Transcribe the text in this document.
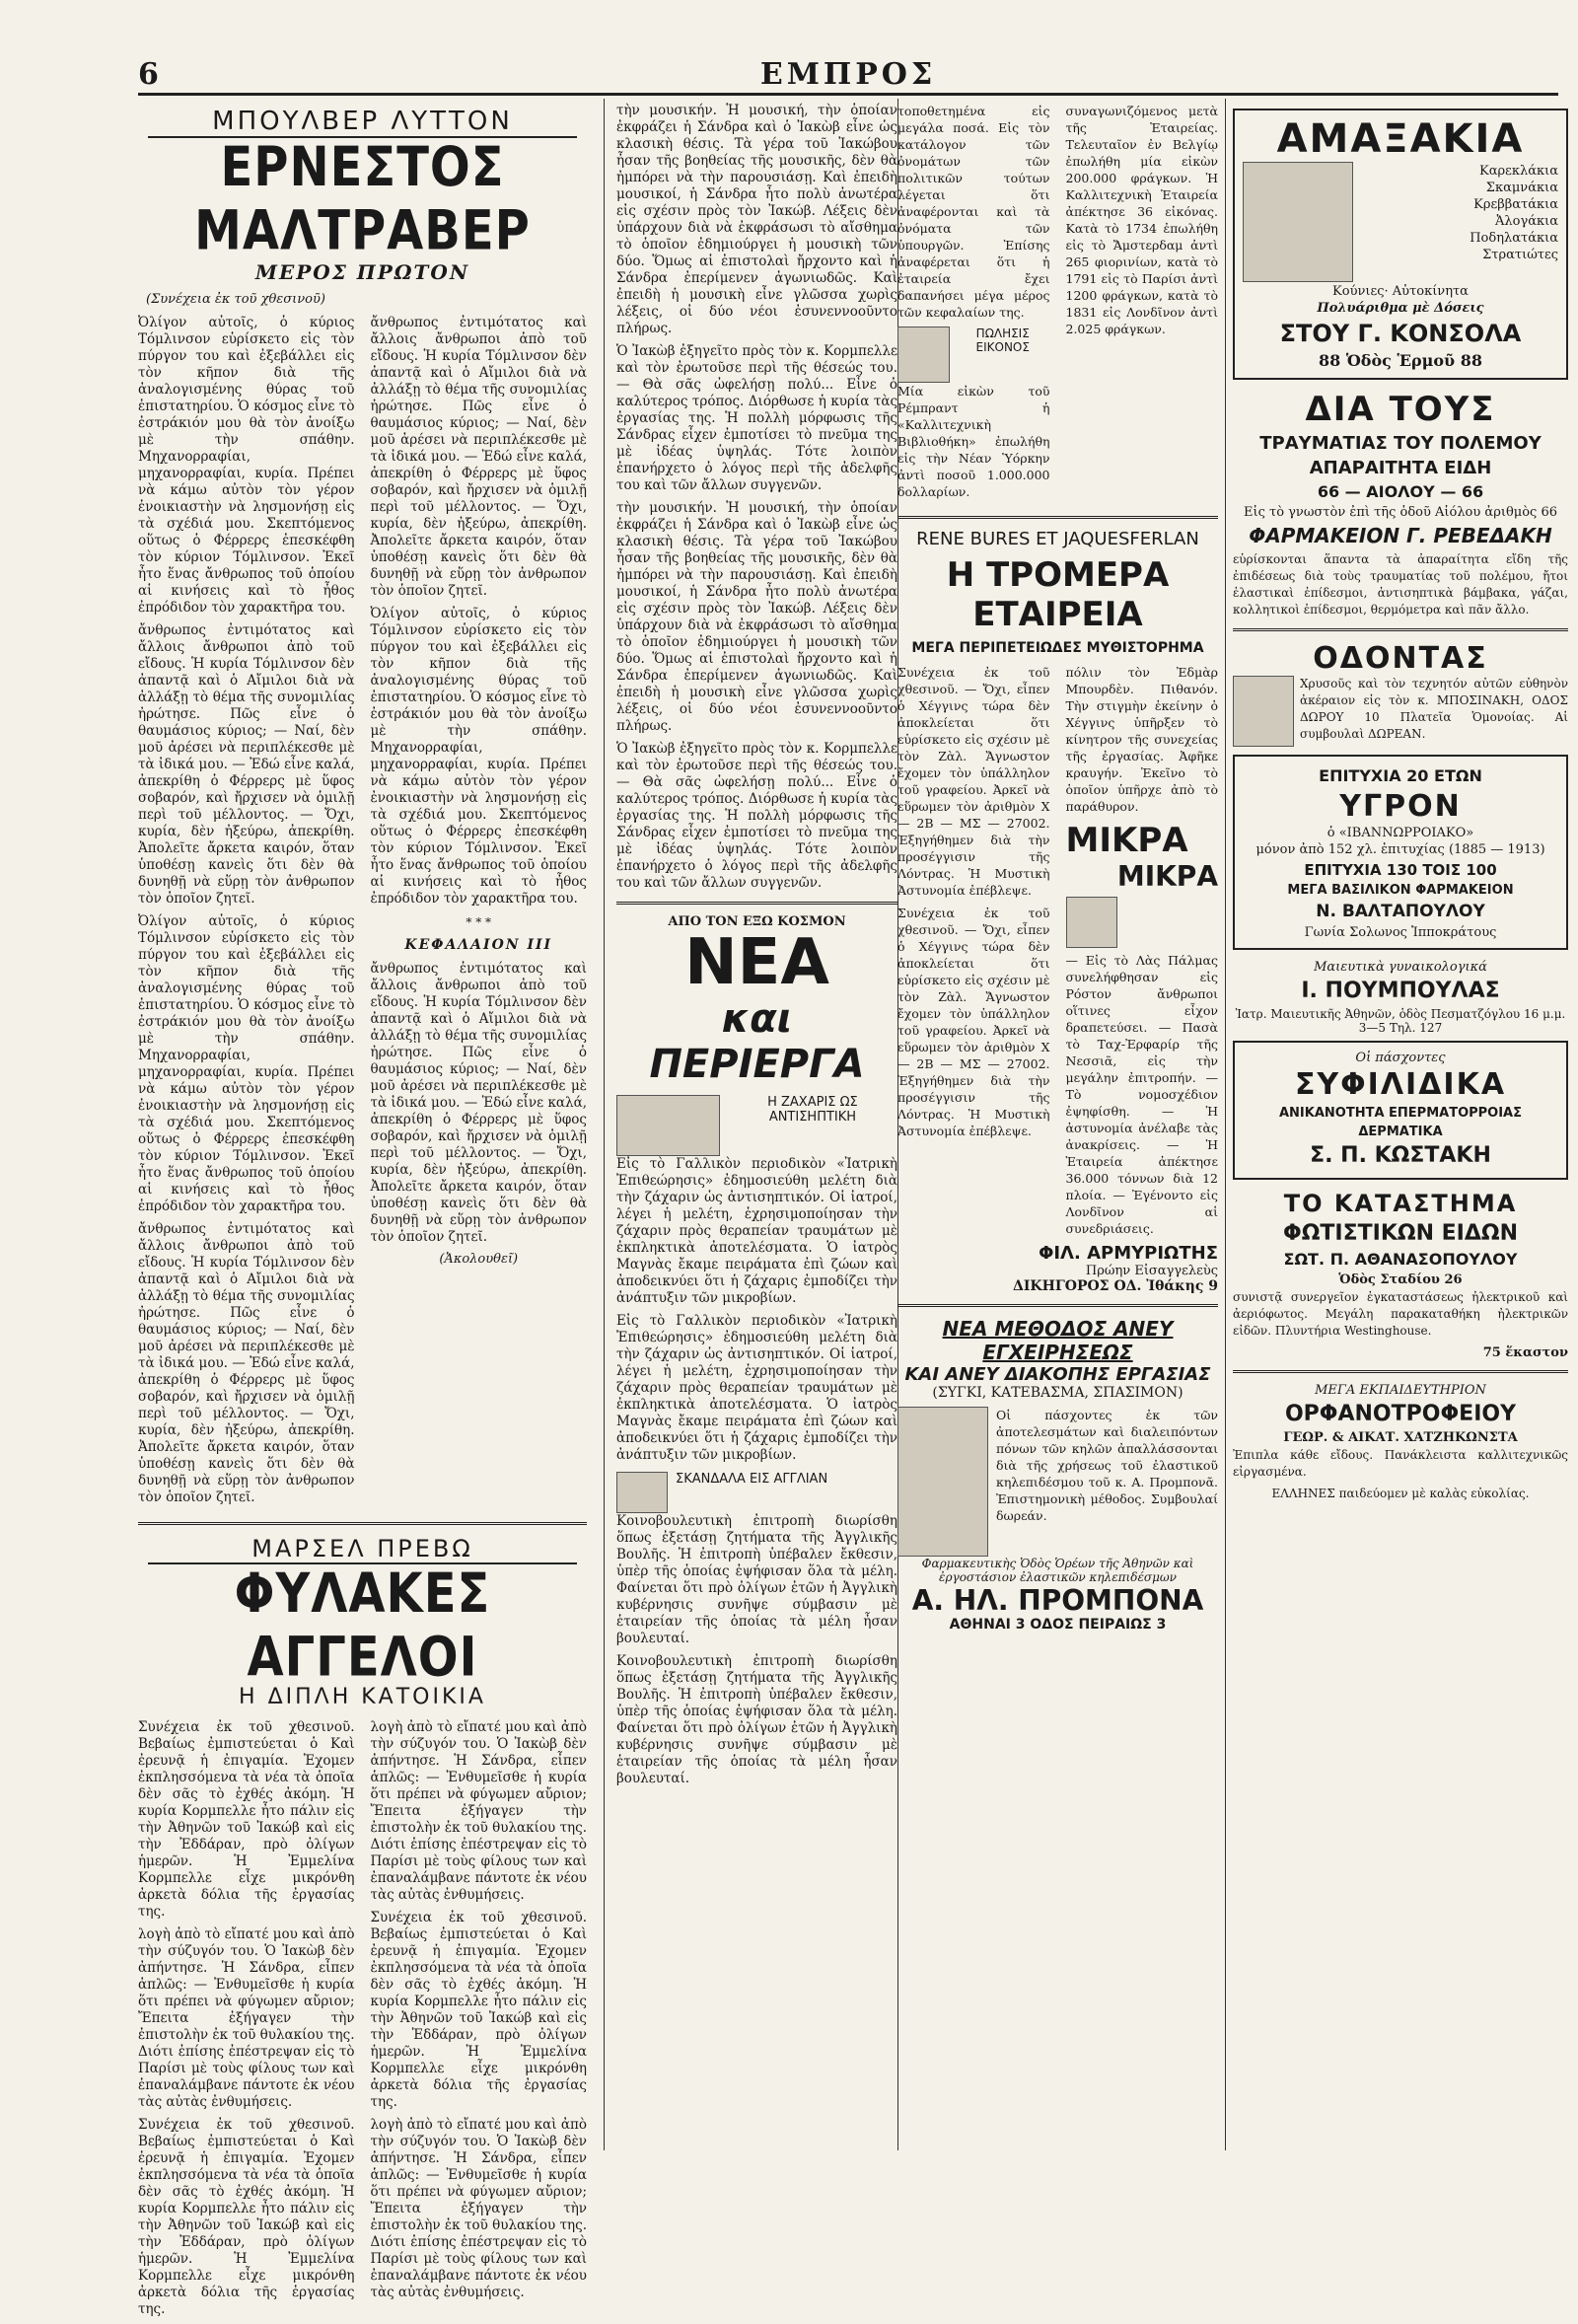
6	ΕΜΠΡΟΣ
ΜΠΟΥΛΒΕΡ ΛΥΤΤΟΝ
ΕΡΝΕΣΤΟΣ ΜΑΛΤΡΑΒΕΡ
ΜΕΡΟΣ ΠΡΩΤΟΝ
(Συνέχεια ἐκ τοῦ χθεσινοῦ)

Ὀλίγον αὐτοῖς, ὁ κύριος Τόμλινσον εὑρίσκετο εἰς τὸν πύργον του καὶ ἐξεβάλλει εἰς τὸν κῆπον διὰ τῆς ἀναλογισμένης θύρας τοῦ ἐπιστατηρίου. Ὁ κόσμος εἶνε τὸ ἐστράκιόν μου θὰ τὸν ἀνοίξω μὲ τὴν σπάθην. Μηχανορραφίαι, μηχανορραφίαι, κυρία. Πρέπει νὰ κάμω αὐτὸν τὸν γέρον ἐνοικιαστὴν νὰ λησμονήσῃ εἰς τὰ σχέδιά μου. Σκεπτόμενος οὕτως ὁ Φέρρερς ἐπεσκέφθη τὸν κύριον Τόμλινσον. Ἐκεῖ ἦτο ἕνας ἄνθρωπος τοῦ ὁποίου αἱ κινήσεις καὶ τὸ ἦθος ἐπρόδιδον τὸν χαρακτῆρα του.

ἄνθρωπος ἐντιμότατος καὶ ἄλλοις ἄνθρωποι ἀπὸ τοῦ εἴδους. Ἡ κυρία Τόμλινσον δὲν ἀπαντᾷ καὶ ὁ Αἴμιλοι διὰ νὰ ἀλλάξῃ τὸ θέμα τῆς συνομιλίας ἠρώτησε. Πῶς εἶνε ὁ θαυμάσιος κύριος; — Ναί, δὲν μοῦ ἀρέσει νὰ περιπλέκεσθε μὲ τὰ ἰδικά μου. — Ἐδώ εἶνε καλά, ἀπεκρίθη ὁ Φέρρερς μὲ ὕφος σοβαρόν, καὶ ἤρχισεν νὰ ὁμιλῇ περὶ τοῦ μέλλοντος. — Ὄχι, κυρία, δὲν ἠξεύρω, ἀπεκρίθη. Ἀπολεῖτε ἄρκετα καιρόν, ὅταν ὑποθέσῃ κανεὶς ὅτι δὲν θὰ δυνηθῇ νὰ εὕρῃ τὸν ἀνθρωπον τὸν ὁποῖον ζητεῖ.

Ὀλίγον αὐτοῖς, ὁ κύριος Τόμλινσον εὑρίσκετο εἰς τὸν πύργον του καὶ ἐξεβάλλει εἰς τὸν κῆπον διὰ τῆς ἀναλογισμένης θύρας τοῦ ἐπιστατηρίου. Ὁ κόσμος εἶνε τὸ ἐστράκιόν μου θὰ τὸν ἀνοίξω μὲ τὴν σπάθην. Μηχανορραφίαι, μηχανορραφίαι, κυρία. Πρέπει νὰ κάμω αὐτὸν τὸν γέρον ἐνοικιαστὴν νὰ λησμονήσῃ εἰς τὰ σχέδιά μου. Σκεπτόμενος οὕτως ὁ Φέρρερς ἐπεσκέφθη τὸν κύριον Τόμλινσον. Ἐκεῖ ἦτο ἕνας ἄνθρωπος τοῦ ὁποίου αἱ κινήσεις καὶ τὸ ἦθος ἐπρόδιδον τὸν χαρακτῆρα του.

ἄνθρωπος ἐντιμότατος καὶ ἄλλοις ἄνθρωποι ἀπὸ τοῦ εἴδους. Ἡ κυρία Τόμλινσον δὲν ἀπαντᾷ καὶ ὁ Αἴμιλοι διὰ νὰ ἀλλάξῃ τὸ θέμα τῆς συνομιλίας ἠρώτησε. Πῶς εἶνε ὁ θαυμάσιος κύριος; — Ναί, δὲν μοῦ ἀρέσει νὰ περιπλέκεσθε μὲ τὰ ἰδικά μου. — Ἐδώ εἶνε καλά, ἀπεκρίθη ὁ Φέρρερς μὲ ὕφος σοβαρόν, καὶ ἤρχισεν νὰ ὁμιλῇ περὶ τοῦ μέλλοντος. — Ὄχι, κυρία, δὲν ἠξεύρω, ἀπεκρίθη. Ἀπολεῖτε ἄρκετα καιρόν, ὅταν ὑποθέσῃ κανεὶς ὅτι δὲν θὰ δυνηθῇ νὰ εὕρῃ τὸν ἀνθρωπον τὸν ὁποῖον ζητεῖ.

ἄνθρωπος ἐντιμότατος καὶ ἄλλοις ἄνθρωποι ἀπὸ τοῦ εἴδους. Ἡ κυρία Τόμλινσον δὲν ἀπαντᾷ καὶ ὁ Αἴμιλοι διὰ νὰ ἀλλάξῃ τὸ θέμα τῆς συνομιλίας ἠρώτησε. Πῶς εἶνε ὁ θαυμάσιος κύριος; — Ναί, δὲν μοῦ ἀρέσει νὰ περιπλέκεσθε μὲ τὰ ἰδικά μου. — Ἐδώ εἶνε καλά, ἀπεκρίθη ὁ Φέρρερς μὲ ὕφος σοβαρόν, καὶ ἤρχισεν νὰ ὁμιλῇ περὶ τοῦ μέλλοντος. — Ὄχι, κυρία, δὲν ἠξεύρω, ἀπεκρίθη. Ἀπολεῖτε ἄρκετα καιρόν, ὅταν ὑποθέσῃ κανεὶς ὅτι δὲν θὰ δυνηθῇ νὰ εὕρῃ τὸν ἀνθρωπον τὸν ὁποῖον ζητεῖ.

Ὀλίγον αὐτοῖς, ὁ κύριος Τόμλινσον εὑρίσκετο εἰς τὸν πύργον του καὶ ἐξεβάλλει εἰς τὸν κῆπον διὰ τῆς ἀναλογισμένης θύρας τοῦ ἐπιστατηρίου. Ὁ κόσμος εἶνε τὸ ἐστράκιόν μου θὰ τὸν ἀνοίξω μὲ τὴν σπάθην. Μηχανορραφίαι, μηχανορραφίαι, κυρία. Πρέπει νὰ κάμω αὐτὸν τὸν γέρον ἐνοικιαστὴν νὰ λησμονήσῃ εἰς τὰ σχέδιά μου. Σκεπτόμενος οὕτως ὁ Φέρρερς ἐπεσκέφθη τὸν κύριον Τόμλινσον. Ἐκεῖ ἦτο ἕνας ἄνθρωπος τοῦ ὁποίου αἱ κινήσεις καὶ τὸ ἦθος ἐπρόδιδον τὸν χαρακτῆρα του.

* * *
ΚΕΦΑΛΑΙΟΝ ΙΙΙ

ἄνθρωπος ἐντιμότατος καὶ ἄλλοις ἄνθρωποι ἀπὸ τοῦ εἴδους. Ἡ κυρία Τόμλινσον δὲν ἀπαντᾷ καὶ ὁ Αἴμιλοι διὰ νὰ ἀλλάξῃ τὸ θέμα τῆς συνομιλίας ἠρώτησε. Πῶς εἶνε ὁ θαυμάσιος κύριος; — Ναί, δὲν μοῦ ἀρέσει νὰ περιπλέκεσθε μὲ τὰ ἰδικά μου. — Ἐδώ εἶνε καλά, ἀπεκρίθη ὁ Φέρρερς μὲ ὕφος σοβαρόν, καὶ ἤρχισεν νὰ ὁμιλῇ περὶ τοῦ μέλλοντος. — Ὄχι, κυρία, δὲν ἠξεύρω, ἀπεκρίθη. Ἀπολεῖτε ἄρκετα καιρόν, ὅταν ὑποθέσῃ κανεὶς ὅτι δὲν θὰ δυνηθῇ νὰ εὕρῃ τὸν ἀνθρωπον τὸν ὁποῖον ζητεῖ.

(Ἀκολουθεῖ)
ΜΑΡΣΕΛ ΠΡΕΒΩ
ΦΥΛΑΚΕΣ ΑΓΓΕΛΟΙ
Η ΔΙΠΛΗ ΚΑΤΟΙΚΙΑ

Συνέχεια ἐκ τοῦ χθεσινοῦ. Βεβαίως ἐμπιστεύεται ὁ Καὶ ἐρευνᾷ ἡ ἐπιγαμία. Ἐχομεν ἐκπλησσόμενα τὰ νέα τὰ ὁποῖα δὲν σᾶς τὸ ἐχθές ἀκόμη. Ἡ κυρία Κορμπελλε ἦτο πάλιν εἰς τὴν Ἀθηνῶν τοῦ Ἰακώβ καὶ εἰς τὴν Ἐδδάραν, πρὸ ὀλίγων ἡμερῶν. Ἡ Ἐμμελίνα Κορμπελλε εἶχε μικρόνθη ἀρκετὰ δόλια τῆς ἐργασίας της.

λογὴ ἀπὸ τὸ εἴπατέ μου καὶ ἀπὸ τὴν σύζυγόν του. Ὁ Ἰακὼβ δὲν ἀπήντησε. Ἡ Σάνδρα, εἶπεν ἁπλῶς: — Ἐνθυμεῖσθε ἡ κυρία ὅτι πρέπει νὰ φύγωμεν αὔριον; Ἔπειτα ἐξήγαγεν τὴν ἐπιστολὴν ἐκ τοῦ θυλακίου της. Διότι ἐπίσης ἐπέστρεψαν εἰς τὸ Παρίσι μὲ τοὺς φίλους των καὶ ἐπαναλάμβανε πάντοτε ἐκ νέου τὰς αὐτὰς ἐνθυμήσεις.

Συνέχεια ἐκ τοῦ χθεσινοῦ. Βεβαίως ἐμπιστεύεται ὁ Καὶ ἐρευνᾷ ἡ ἐπιγαμία. Ἐχομεν ἐκπλησσόμενα τὰ νέα τὰ ὁποῖα δὲν σᾶς τὸ ἐχθές ἀκόμη. Ἡ κυρία Κορμπελλε ἦτο πάλιν εἰς τὴν Ἀθηνῶν τοῦ Ἰακώβ καὶ εἰς τὴν Ἐδδάραν, πρὸ ὀλίγων ἡμερῶν. Ἡ Ἐμμελίνα Κορμπελλε εἶχε μικρόνθη ἀρκετὰ δόλια τῆς ἐργασίας της.

λογὴ ἀπὸ τὸ εἴπατέ μου καὶ ἀπὸ τὴν σύζυγόν του. Ὁ Ἰακὼβ δὲν ἀπήντησε. Ἡ Σάνδρα, εἶπεν ἁπλῶς: — Ἐνθυμεῖσθε ἡ κυρία ὅτι πρέπει νὰ φύγωμεν αὔριον; Ἔπειτα ἐξήγαγεν τὴν ἐπιστολὴν ἐκ τοῦ θυλακίου της. Διότι ἐπίσης ἐπέστρεψαν εἰς τὸ Παρίσι μὲ τοὺς φίλους των καὶ ἐπαναλάμβανε πάντοτε ἐκ νέου τὰς αὐτὰς ἐνθυμήσεις.

Συνέχεια ἐκ τοῦ χθεσινοῦ. Βεβαίως ἐμπιστεύεται ὁ Καὶ ἐρευνᾷ ἡ ἐπιγαμία. Ἐχομεν ἐκπλησσόμενα τὰ νέα τὰ ὁποῖα δὲν σᾶς τὸ ἐχθές ἀκόμη. Ἡ κυρία Κορμπελλε ἦτο πάλιν εἰς τὴν Ἀθηνῶν τοῦ Ἰακώβ καὶ εἰς τὴν Ἐδδάραν, πρὸ ὀλίγων ἡμερῶν. Ἡ Ἐμμελίνα Κορμπελλε εἶχε μικρόνθη ἀρκετὰ δόλια τῆς ἐργασίας της.

λογὴ ἀπὸ τὸ εἴπατέ μου καὶ ἀπὸ τὴν σύζυγόν του. Ὁ Ἰακὼβ δὲν ἀπήντησε. Ἡ Σάνδρα, εἶπεν ἁπλῶς: — Ἐνθυμεῖσθε ἡ κυρία ὅτι πρέπει νὰ φύγωμεν αὔριον; Ἔπειτα ἐξήγαγεν τὴν ἐπιστολὴν ἐκ τοῦ θυλακίου της. Διότι ἐπίσης ἐπέστρεψαν εἰς τὸ Παρίσι μὲ τοὺς φίλους των καὶ ἐπαναλάμβανε πάντοτε ἐκ νέου τὰς αὐτὰς ἐνθυμήσεις.

τὴν μουσικήν. Ἡ μουσική, τὴν ὁποίαν ἐκφράζει ἡ Σάνδρα καὶ ὁ Ἰακὼβ εἶνε ὡς κλασικὴ θέσις. Τὰ γέρα τοῦ Ἰακώβου ἦσαν τῆς βοηθείας τῆς μουσικῆς, δὲν θὰ ἠμπόρει νὰ τὴν παρουσιάσῃ. Καὶ ἐπειδὴ μουσικοί, ἡ Σάνδρα ἦτο πολὺ ἀνωτέρα εἰς σχέσιν πρὸς τὸν Ἰακώβ. Λέξεις δὲν ὑπάρχουν διὰ νὰ ἐκφράσωσι τὸ αἴσθημα τὸ ὁποῖον ἐδημιούργει ἡ μουσικὴ τῶν δύο. Ὅμως αἱ ἐπιστολαὶ ἤρχοντο καὶ ἡ Σάνδρα ἐπερίμενεν ἀγωνιωδῶς. Καὶ ἐπειδὴ ἡ μουσικὴ εἶνε γλῶσσα χωρὶς λέξεις, οἱ δύο νέοι ἐσυνεννοοῦντο πλήρως.

Ὁ Ἰακὼβ ἐξηγεῖτο πρὸς τὸν κ. Κορμπελλε καὶ τὸν ἐρωτοῦσε περὶ τῆς θέσεώς του. — Θὰ σᾶς ὠφελήσῃ πολύ... Εἶνε ὁ καλύτερος τρόπος. Διόρθωσε ἡ κυρία τὰς ἐργασίας της. Ἡ πολλὴ μόρφωσις τῆς Σάνδρας εἶχεν ἐμποτίσει τὸ πνεῦμα της μὲ ἰδέας ὑψηλάς. Τότε λοιπὸν ἐπανήρχετο ὁ λόγος περὶ τῆς ἀδελφῆς του καὶ τῶν ἄλλων συγγενῶν.

τὴν μουσικήν. Ἡ μουσική, τὴν ὁποίαν ἐκφράζει ἡ Σάνδρα καὶ ὁ Ἰακὼβ εἶνε ὡς κλασικὴ θέσις. Τὰ γέρα τοῦ Ἰακώβου ἦσαν τῆς βοηθείας τῆς μουσικῆς, δὲν θὰ ἠμπόρει νὰ τὴν παρουσιάσῃ. Καὶ ἐπειδὴ μουσικοί, ἡ Σάνδρα ἦτο πολὺ ἀνωτέρα εἰς σχέσιν πρὸς τὸν Ἰακώβ. Λέξεις δὲν ὑπάρχουν διὰ νὰ ἐκφράσωσι τὸ αἴσθημα τὸ ὁποῖον ἐδημιούργει ἡ μουσικὴ τῶν δύο. Ὅμως αἱ ἐπιστολαὶ ἤρχοντο καὶ ἡ Σάνδρα ἐπερίμενεν ἀγωνιωδῶς. Καὶ ἐπειδὴ ἡ μουσικὴ εἶνε γλῶσσα χωρὶς λέξεις, οἱ δύο νέοι ἐσυνεννοοῦντο πλήρως.

Ὁ Ἰακὼβ ἐξηγεῖτο πρὸς τὸν κ. Κορμπελλε καὶ τὸν ἐρωτοῦσε περὶ τῆς θέσεώς του. — Θὰ σᾶς ὠφελήσῃ πολύ... Εἶνε ὁ καλύτερος τρόπος. Διόρθωσε ἡ κυρία τὰς ἐργασίας της. Ἡ πολλὴ μόρφωσις τῆς Σάνδρας εἶχεν ἐμποτίσει τὸ πνεῦμα της μὲ ἰδέας ὑψηλάς. Τότε λοιπὸν ἐπανήρχετο ὁ λόγος περὶ τῆς ἀδελφῆς του καὶ τῶν ἄλλων συγγενῶν.

ΑΠΟ ΤΟΝ ΕΞΩ ΚΟΣΜΟΝ
ΝΕΑ
και ΠΕΡΙΕΡΓΑ
Η ΖΑΧΑΡΙΣ ΩΣ ΑΝΤΙΣΗΠΤΙΚΗ

Εἰς τὸ Γαλλικὸν περιοδικὸν «Ἰατρικὴ Ἐπιθεώρησις» ἐδημοσιεύθη μελέτη διὰ τὴν ζάχαριν ὡς ἀντισηπτικόν. Οἱ ἰατροί, λέγει ἡ μελέτη, ἐχρησιμοποίησαν τὴν ζάχαριν πρὸς θεραπείαν τραυμάτων μὲ ἐκπληκτικὰ ἀποτελέσματα. Ὁ ἰατρὸς Μαγνὰς ἔκαμε πειράματα ἐπὶ ζώων καὶ ἀποδεικνύει ὅτι ἡ ζάχαρις ἐμποδίζει τὴν ἀνάπτυξιν τῶν μικροβίων.

Εἰς τὸ Γαλλικὸν περιοδικὸν «Ἰατρικὴ Ἐπιθεώρησις» ἐδημοσιεύθη μελέτη διὰ τὴν ζάχαριν ὡς ἀντισηπτικόν. Οἱ ἰατροί, λέγει ἡ μελέτη, ἐχρησιμοποίησαν τὴν ζάχαριν πρὸς θεραπείαν τραυμάτων μὲ ἐκπληκτικὰ ἀποτελέσματα. Ὁ ἰατρὸς Μαγνὰς ἔκαμε πειράματα ἐπὶ ζώων καὶ ἀποδεικνύει ὅτι ἡ ζάχαρις ἐμποδίζει τὴν ἀνάπτυξιν τῶν μικροβίων.

ΣΚΑΝΔΑΛΑ ΕΙΣ ΑΓΓΛΙΑΝ

Κοινοβουλευτικὴ ἐπιτροπὴ διωρίσθη ὅπως ἐξετάσῃ ζητήματα τῆς Ἀγγλικῆς Βουλῆς. Ἡ ἐπιτροπὴ ὑπέβαλεν ἔκθεσιν, ὑπὲρ τῆς ὁποίας ἐψήφισαν ὅλα τὰ μέλη. Φαίνεται ὅτι πρὸ ὀλίγων ἐτῶν ἡ Ἀγγλικὴ κυβέρνησις συνῆψε σύμβασιν μὲ ἑταιρείαν τῆς ὁποίας τὰ μέλη ἦσαν βουλευταί.

Κοινοβουλευτικὴ ἐπιτροπὴ διωρίσθη ὅπως ἐξετάσῃ ζητήματα τῆς Ἀγγλικῆς Βουλῆς. Ἡ ἐπιτροπὴ ὑπέβαλεν ἔκθεσιν, ὑπὲρ τῆς ὁποίας ἐψήφισαν ὅλα τὰ μέλη. Φαίνεται ὅτι πρὸ ὀλίγων ἐτῶν ἡ Ἀγγλικὴ κυβέρνησις συνῆψε σύμβασιν μὲ ἑταιρείαν τῆς ὁποίας τὰ μέλη ἦσαν βουλευταί.

τοποθετημένα εἰς μεγάλα ποσά. Εἰς τὸν κατάλογον τῶν ὀνομάτων τῶν πολιτικῶν τούτων λέγεται ὅτι ἀναφέρονται καὶ τὰ ὀνόματα τῶν ὑπουργῶν. Ἐπίσης ἀναφέρεται ὅτι ἡ ἐταιρεία ἔχει δαπανήσει μέγα μέρος τῶν κεφαλαίων της.

ΠΩΛΗΣΙΣ ΕΙΚΟΝΟΣ

Μία εἰκὼν τοῦ Ρέμπραντ ἡ «Καλλιτεχνικὴ Βιβλιοθήκη» ἐπωλήθη εἰς τὴν Νέαν Ὑόρκην ἀντὶ ποσοῦ 1.000.000 δολλαρίων.

συναγωνιζόμενος μετὰ τῆς Ἑταιρείας. Τελευταῖον ἐν Βελγίῳ ἐπωλήθη μία εἰκὼν 200.000 φράγκων. Ἡ Καλλιτεχνικὴ Ἑταιρεία ἀπέκτησε 36 εἰκόνας. Κατὰ τὸ 1734 ἐπωλήθη εἰς τὸ Ἄμστερδαμ ἀντὶ 265 φιορινίων, κατὰ τὸ 1791 εἰς τὸ Παρίσι ἀντὶ 1200 φράγκων, κατὰ τὸ 1831 εἰς Λονδῖνον ἀντὶ 2.025 φράγκων.

RENE BURES ET JAQUESFERLAN
Η ΤΡΟΜΕΡΑ ΕΤΑΙΡΕΙΑ
ΜΕΓΑ ΠΕΡΙΠΕΤΕΙΩΔΕΣ ΜΥΘΙΣΤΟΡΗΜΑ

Συνέχεια ἐκ τοῦ χθεσινοῦ. — Ὄχι, εἶπεν ὁ Χέγγινς τώρα δὲν ἀποκλείεται ὅτι εὑρίσκετο εἰς σχέσιν μὲ τὸν Ζὰλ. Ἄγνωστον ἔχομεν τὸν ὑπάλληλον τοῦ γραφείου. Ἀρκεῖ νὰ εὕρωμεν τὸν ἀριθμὸν Χ — 2Β — ΜΣ — 27002. Ἐξηγήθημεν διὰ τὴν προσέγγισιν τῆς Λόντρας. Ἡ Μυστικὴ Ἀστυνομία ἐπέβλεψε.

Συνέχεια ἐκ τοῦ χθεσινοῦ. — Ὄχι, εἶπεν ὁ Χέγγινς τώρα δὲν ἀποκλείεται ὅτι εὑρίσκετο εἰς σχέσιν μὲ τὸν Ζὰλ. Ἄγνωστον ἔχομεν τὸν ὑπάλληλον τοῦ γραφείου. Ἀρκεῖ νὰ εὕρωμεν τὸν ἀριθμὸν Χ — 2Β — ΜΣ — 27002. Ἐξηγήθημεν διὰ τὴν προσέγγισιν τῆς Λόντρας. Ἡ Μυστικὴ Ἀστυνομία ἐπέβλεψε.

πόλιν τὸν Ἐδμὰρ Μπουρδὲν. Πιθανόν. Τὴν στιγμὴν ἐκείνην ὁ Χέγγινς ὑπῆρξεν τὸ κίνητρον τῆς συνεχείας τῆς ἐργασίας. Ἀφῆκε κραυγήν. Ἐκεῖνο τὸ ὁποῖον ὑπῆρχε ἀπὸ τὸ παράθυρον.

ΜΙΚΡΑ
ΜΙΚΡΑ

— Εἰς τὸ Λὰς Πάλμας συνελήφθησαν εἰς Ρόστον ἄνθρωποι οἵτινες εἶχον δραπετεύσει. — Πασὰ τὸ Ταχ-Ἐρφαρίρ τῆς Νεσσιᾶ, εἰς τὴν μεγάλην ἐπιτροπήν. — Τὸ νομοσχέδιον ἐψηφίσθη. — Ἡ ἀστυνομία ἀνέλαβε τὰς ἀνακρίσεις. — Ἡ Ἑταιρεία ἀπέκτησε 36.000 τόννων διὰ 12 πλοία. — Ἐγένοντο εἰς Λονδῖνον αἱ συνεδριάσεις.

ΦΙΛ. ΑΡΜΥΡΙΩΤΗΣ
Πρώην Εἰσαγγελεὺς
ΔΙΚΗΓΟΡΟΣ ΟΔ. Ἰθάκης 9
ΝΕΑ ΜΕΘΟΔΟΣ ΑΝΕΥ ΕΓΧΕΙΡΗΣΕΩΣ
ΚΑΙ ΑΝΕΥ ΔΙΑΚΟΠΗΣ ΕΡΓΑΣΙΑΣ
(ΣΥΓΚΙ, ΚΑΤΕΒΑΣΜΑ, ΣΠΑΣΙΜΟΝ)

Οἱ πάσχοντες ἐκ τῶν ἀποτελεσμάτων καὶ διαλειπόντων πόνων τῶν κηλῶν ἀπαλλάσσονται διὰ τῆς χρήσεως τοῦ ἐλαστικοῦ κηλεπιδέσμου τοῦ κ. Α. Προμπονᾶ. Ἐπιστημονικὴ μέθοδος. Συμβουλαί δωρεάν.

Φαρμακευτικὴς Ὁδὸς Ὁρέων τῆς Ἀθηνῶν καὶ ἐργοστάσιον ἐλαστικῶν κηλεπιδέσμων
Α. ΗΛ. ΠΡΟΜΠΟΝΑ
ΑΘΗΝΑΙ 3 ΟΔΟΣ ΠΕΙΡΑΙΩΣ 3
ΑΜΑΞΑΚΙΑ
Καρεκλάκια
Σκαμνάκια
Κρεββατάκια
Ἀλογάκια
Ποδηλατάκια
Στρατιώτες
Κούνιες· Αὐτοκίνητα
Πολυάριθμα μὲ Δόσεις
ΣΤΟΥ Γ. ΚΟΝΣΟΛΑ
88 Ὁδὸς Ἑρμοῦ 88
ΔΙΑ ΤΟΥΣ
ΤΡΑΥΜΑΤΙΑΣ ΤΟΥ ΠΟΛΕΜΟΥ
ΑΠΑΡΑΙΤΗΤΑ ΕΙΔΗ
66 — ΑΙΟΛΟΥ — 66
Εἰς τὸ γνωστὸν ἐπὶ τῆς ὁδοῦ Αἰόλου ἀριθμὸς 66
ΦΑΡΜΑΚΕΙΟΝ Γ. ΡΕΒΕΔΑΚΗ

εὑρίσκονται ἅπαντα τὰ ἀπαραίτητα εἴδη τῆς ἐπιδέσεως διὰ τοὺς τραυματίας τοῦ πολέμου, ἤτοι ἐλαστικαὶ ἐπίδεσμοι, ἀντισηπτικὰ βάμβακα, γάζαι, κολλητικοὶ ἐπίδεσμοι, θερμόμετρα καὶ πᾶν ἄλλο.

ΟΔΟΝΤΑΣ

Χρυσοῦς καὶ τὸν τεχνητόν αὐτῶν εὐθηνὸν ἀκέραιον εἰς τὸν κ. ΜΠΟΣΙΝΑΚΗ, ΟΔΟΣ ΔΩΡΟΥ 10 Πλατεῖα Ὁμονοίας. Αἱ συμβουλαὶ ΔΩΡΕΑΝ.

ΕΠΙΤΥΧΙΑ 20 ΕΤΩΝ
ΥΓΡΟΝ
ὁ «ΙΒΑΝΝΩΡΡΟΙΑΚΟ»
μόνον ἀπὸ 152 χλ. ἐπιτυχίας (1885 — 1913)
ΕΠΙΤΥΧΙΑ 130 ΤΟΙΣ 100
ΜΕΓΑ ΒΑΣΙΛΙΚΟΝ ΦΑΡΜΑΚΕΙΟΝ
Ν. ΒΑΛΤΑΠΟΥΛΟΥ
Γωνία Σολωνος Ἱπποκράτους
Μαιευτικὰ γυναικολογικά
Ι. ΠΟΥΜΠΟΥΛΑΣ
Ἰατρ. Μαιευτικῆς Ἀθηνῶν, ὁδὸς Πεσματζόγλου 16 μ.μ. 3—5 Τηλ. 127
Οἱ πάσχοντες
ΣΥΦΙΛΙΔΙΚΑ
ΑΝΙΚΑΝΟΤΗΤΑ ΕΠΕΡΜΑΤΟΡΡΟΙΑΣ
ΔΕΡΜΑΤΙΚΑ
Σ. Π. ΚΩΣΤΑΚΗ
ΤΟ ΚΑΤΑΣΤΗΜΑ
ΦΩΤΙΣΤΙΚΩΝ ΕΙΔΩΝ
ΣΩΤ. Π. ΑΘΑΝΑΣΟΠΟΥΛΟΥ
Ὁδὸς Σταδίου 26

συνιστᾷ συνεργεῖον ἐγκαταστάσεως ἠλεκτρικοῦ καὶ ἀεριόφωτος. Μεγάλη παρακαταθήκη ἠλεκτρικῶν εἰδῶν. Πλυντήρια Westinghouse.

75 ἕκαστον
ΜΕΓΑ ΕΚΠΑΙΔΕΥΤΗΡΙΟΝ
ΟΡΦΑΝΟΤΡΟΦΕΙΟΥ
ΓΕΩΡ. & ΑΙΚΑΤ. ΧΑΤΖΗΚΩΝΣΤΑ

Ἐπιπλα κάθε εἴδους. Πανάκλειστα καλλιτεχνικῶς εἰργασμένα.

ΕΛΛΗΝΕΣ παιδεύομεν μὲ καλὰς εὐκολίας.
